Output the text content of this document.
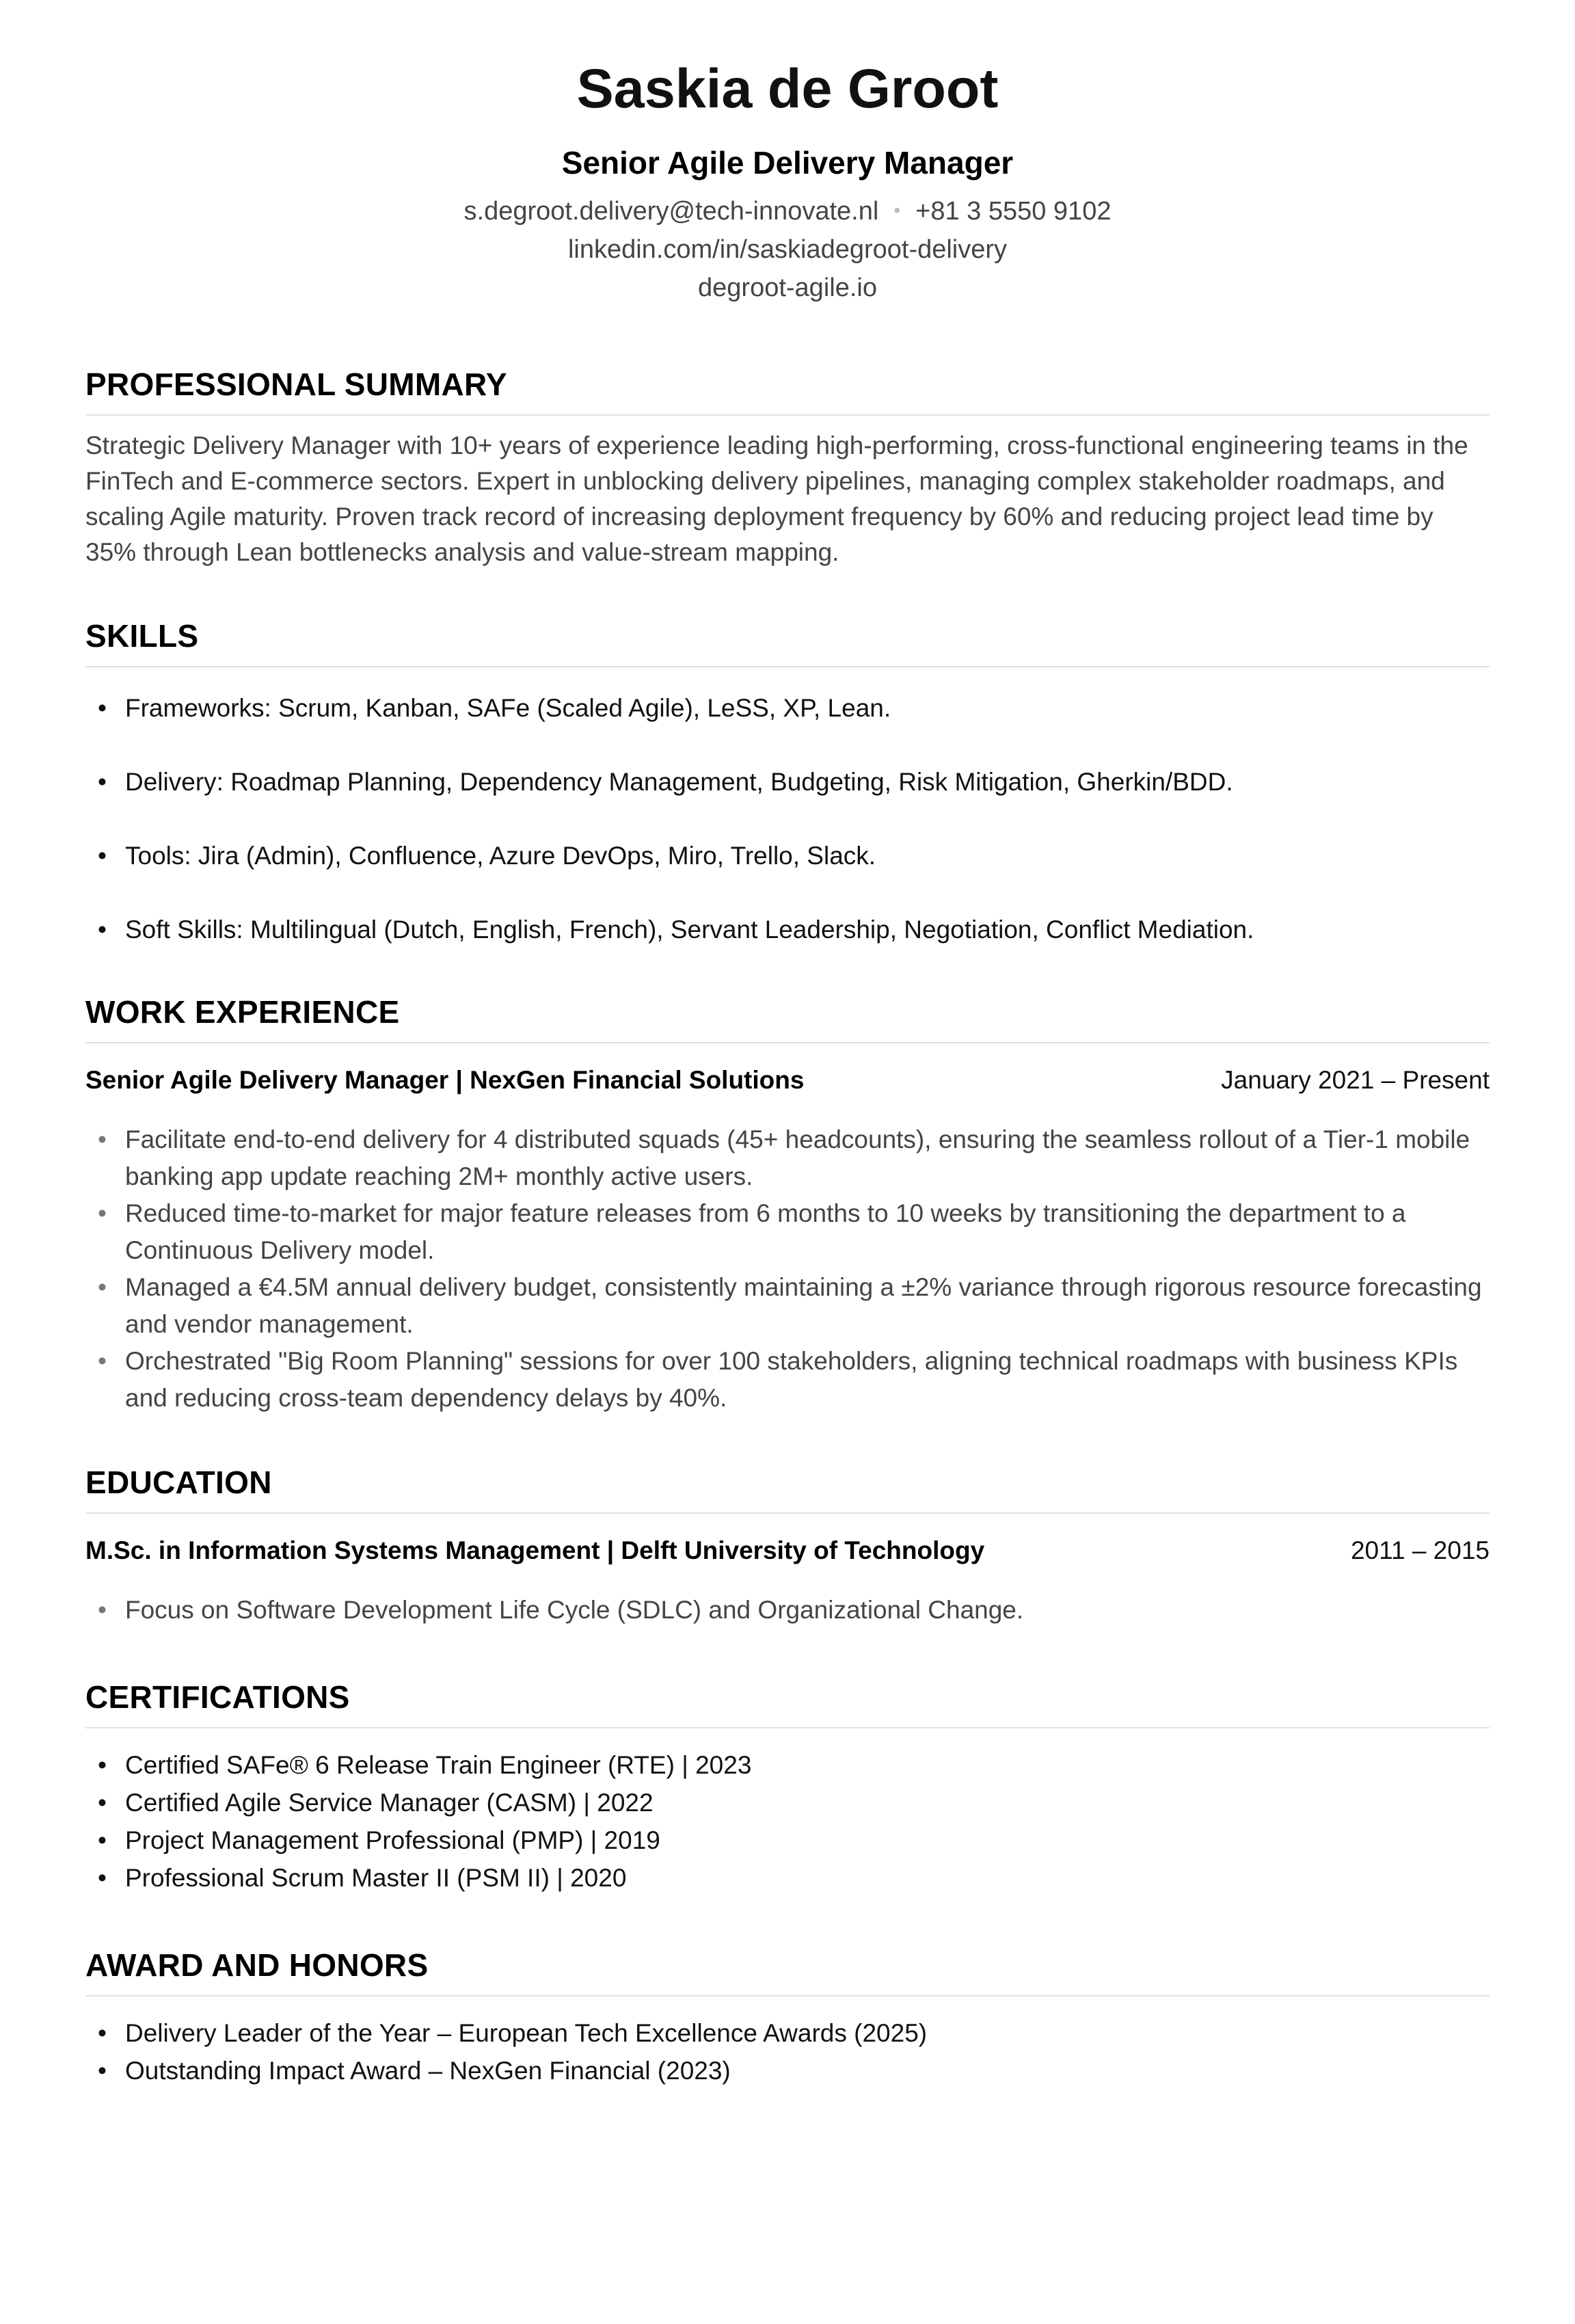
Saskia de Groot
Senior Agile Delivery Manager
s.degroot.delivery@tech-innovate.nl • +81 3 5550 9102
linkedin.com/in/saskiadegroot-delivery
degroot-agile.io
PROFESSIONAL SUMMARY

Strategic Delivery Manager with 10+ years of experience leading high-performing, cross-functional engineering teams in the FinTech and E-commerce sectors. Expert in unblocking delivery pipelines, managing complex stakeholder roadmaps, and scaling Agile maturity. Proven track record of increasing deployment frequency by 60% and reducing project lead time by 35% through Lean bottlenecks analysis and value-stream mapping.

SKILLS
• Frameworks: Scrum, Kanban, SAFe (Scaled Agile), LeSS, XP, Lean.
• Delivery: Roadmap Planning, Dependency Management, Budgeting, Risk Mitigation, Gherkin/BDD.
• Tools: Jira (Admin), Confluence, Azure DevOps, Miro, Trello, Slack.
• Soft Skills: Multilingual (Dutch, English, French), Servant Leadership, Negotiation, Conflict Mediation.
WORK EXPERIENCE
Senior Agile Delivery Manager | NexGen Financial Solutions	January 2021 – Present
• Facilitate end-to-end delivery for 4 distributed squads (45+ headcounts), ensuring the seamless rollout of a Tier-1 mobile banking app update reaching 2M+ monthly active users.
• Reduced time-to-market for major feature releases from 6 months to 10 weeks by transitioning the department to a Continuous Delivery model.
• Managed a €4.5M annual delivery budget, consistently maintaining a ±2% variance through rigorous resource forecasting and vendor management.
• Orchestrated "Big Room Planning" sessions for over 100 stakeholders, aligning technical roadmaps with business KPIs and reducing cross-team dependency delays by 40%.
EDUCATION
M.Sc. in Information Systems Management | Delft University of Technology	2011 – 2015
• Focus on Software Development Life Cycle (SDLC) and Organizational Change.
CERTIFICATIONS
• Certified SAFe® 6 Release Train Engineer (RTE) | 2023
• Certified Agile Service Manager (CASM) | 2022
• Project Management Professional (PMP) | 2019
• Professional Scrum Master II (PSM II) | 2020
AWARD AND HONORS
• Delivery Leader of the Year – European Tech Excellence Awards (2025)
• Outstanding Impact Award – NexGen Financial (2023)
